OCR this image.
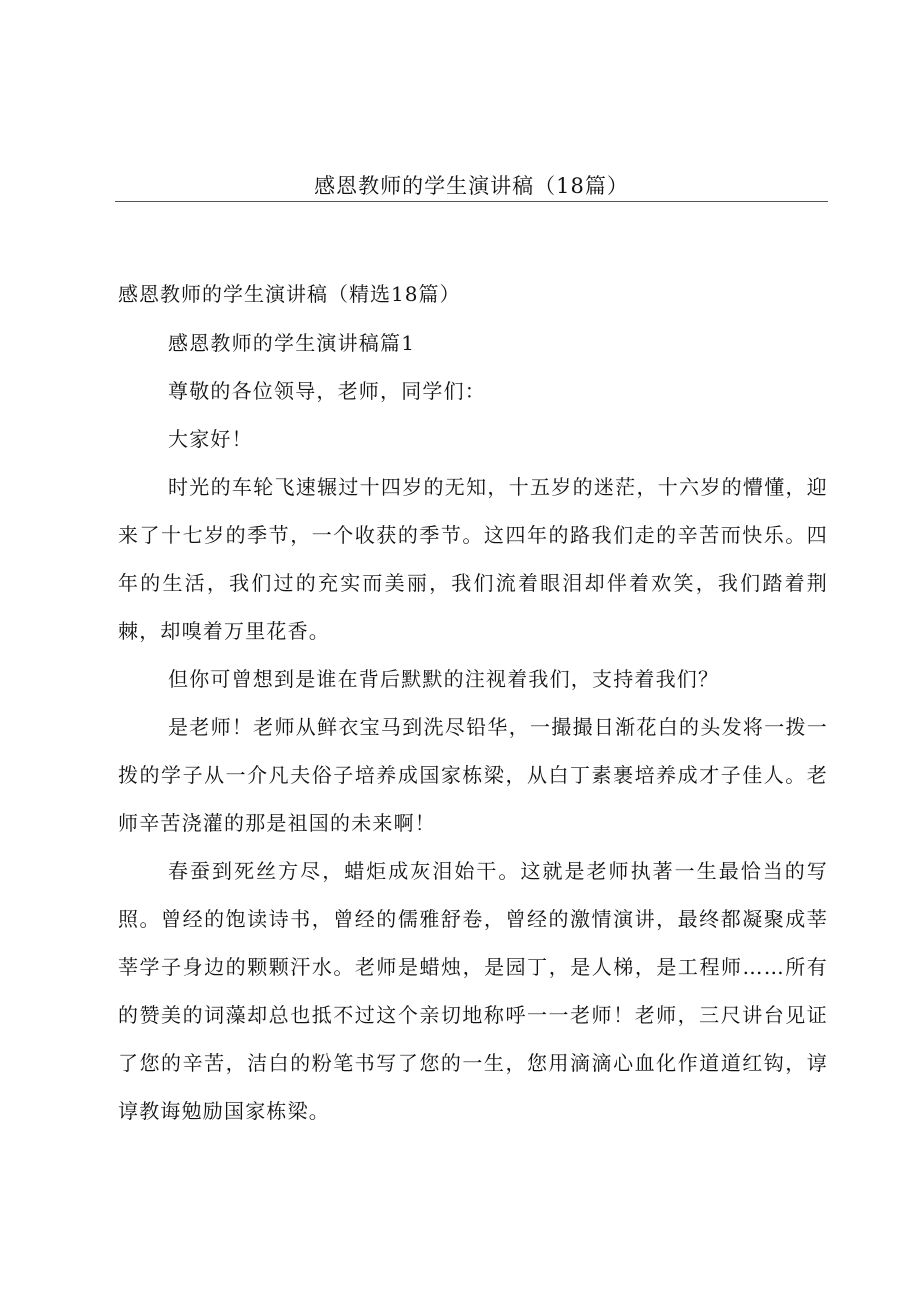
感恩教师的学生演讲稿（18篇）
感恩教师的学生演讲稿（精选18篇）

感恩教师的学生演讲稿篇1

尊敬的各位领导，老师，同学们：

大家好！

时光的车轮飞速辗过十四岁的无知，十五岁的迷茫，十六岁的懵懂，迎来了十七岁的季节，一个收获的季节。这四年的路我们走的辛苦而快乐。四年的生活，我们过的充实而美丽，我们流着眼泪却伴着欢笑，我们踏着荆棘，却嗅着万里花香。

但你可曾想到是谁在背后默默的注视着我们，支持着我们？

是老师！老师从鲜衣宝马到洗尽铅华，一撮撮日渐花白的头发将一拨一拨的学子从一介凡夫俗子培养成国家栋梁，从白丁素裹培养成才子佳人。老师辛苦浇灌的那是祖国的未来啊！

春蚕到死丝方尽，蜡炬成灰泪始干。这就是老师执著一生最恰当的写照。曾经的饱读诗书，曾经的儒雅舒卷，曾经的激情演讲，最终都凝聚成莘莘学子身边的颗颗汗水。老师是蜡烛，是园丁，是人梯，是工程师……所有的赞美的词藻却总也抵不过这个亲切地称呼一一老师！老师，三尺讲台见证了您的辛苦，洁白的粉笔书写了您的一生，您用滴滴心血化作道道红钩，谆谆教诲勉励国家栋梁。
